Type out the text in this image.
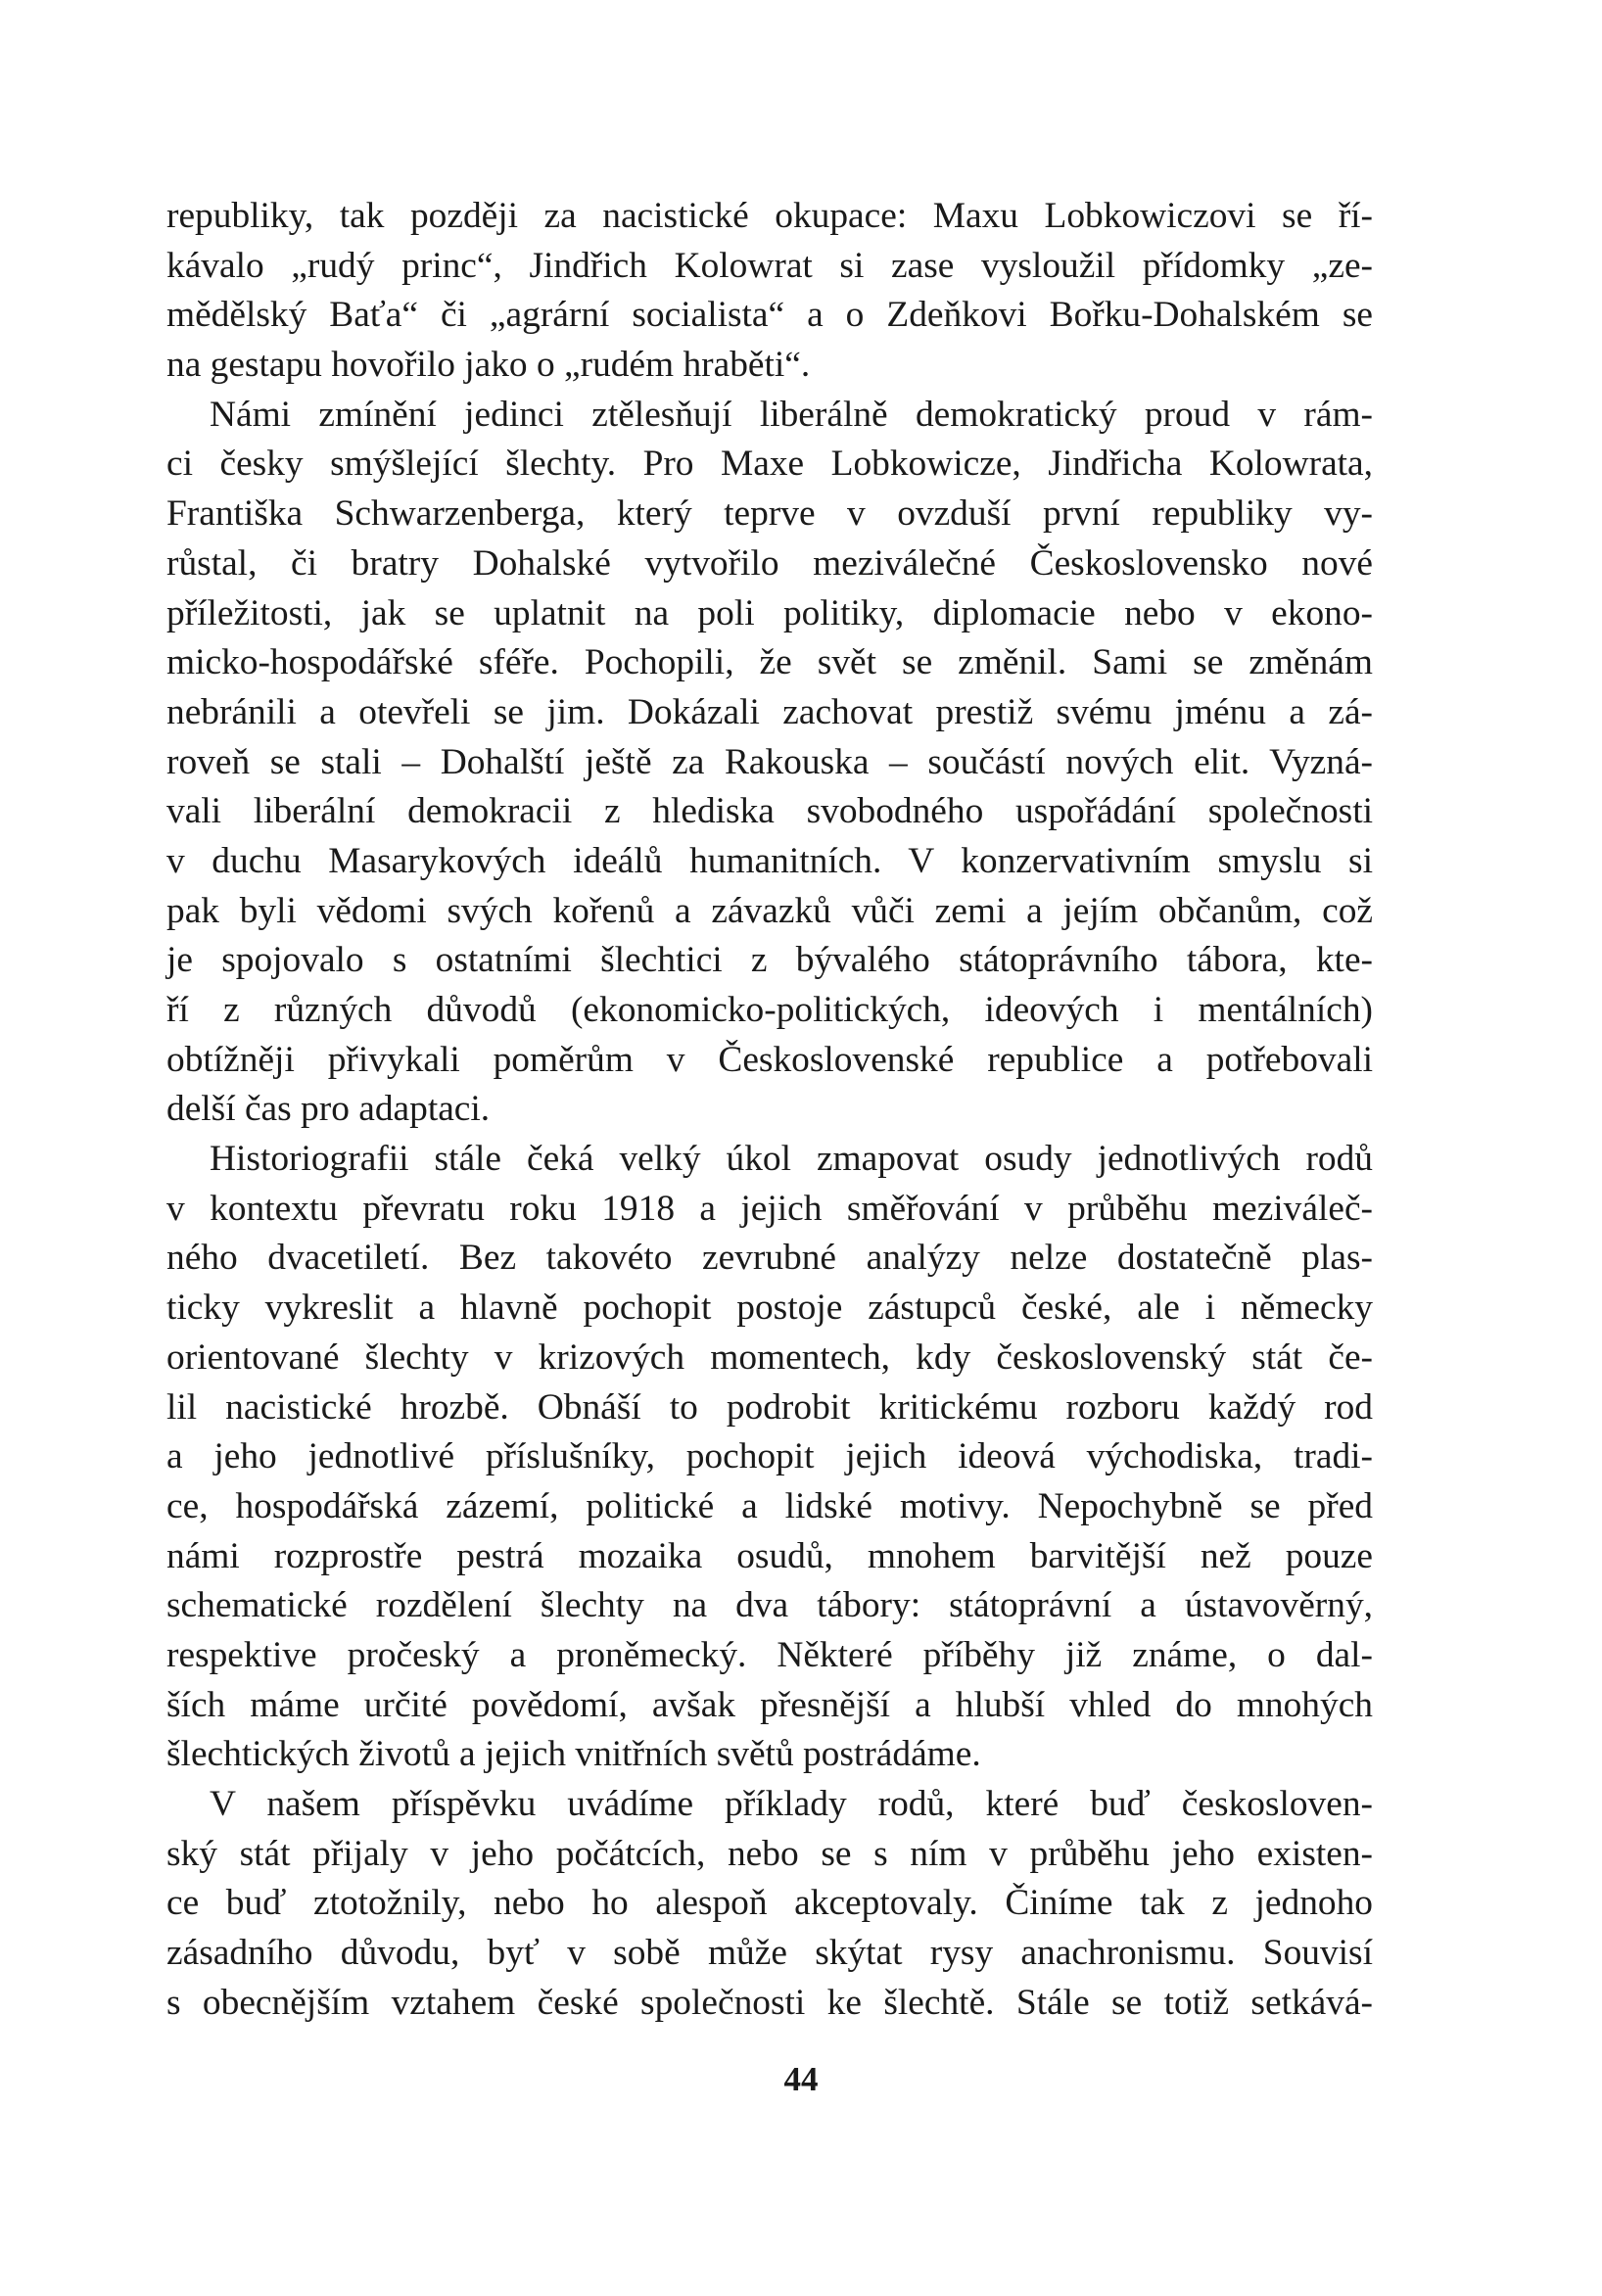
republiky, tak později za nacistické okupace: Maxu Lobkowiczovi se ří-
kávalo „rudý princ“, Jindřich Kolowrat si zase vysloužil přídomky „ze-
mědělský Baťa“ či „agrární socialista“ a o Zdeňkovi Bořku-Dohalském se
na gestapu hovořilo jako o „rudém hraběti“.
Námi zmínění jedinci ztělesňují liberálně demokratický proud v rám-
ci česky smýšlející šlechty. Pro Maxe Lobkowicze, Jindřicha Kolowrata,
Františka Schwarzenberga, který teprve v ovzduší první republiky vy-
růstal, či bratry Dohalské vytvořilo meziválečné Československo nové
příležitosti, jak se uplatnit na poli politiky, diplomacie nebo v ekono-
micko-hospodářské sféře. Pochopili, že svět se změnil. Sami se změnám
nebránili a otevřeli se jim. Dokázali zachovat prestiž svému jménu a zá-
roveň se stali – Dohalští ještě za Rakouska – součástí nových elit. Vyzná-
vali liberální demokracii z hlediska svobodného uspořádání společnosti
v duchu Masarykových ideálů humanitních. V konzervativním smyslu si
pak byli vědomi svých kořenů a závazků vůči zemi a jejím občanům, což
je spojovalo s ostatními šlechtici z bývalého státoprávního tábora, kte-
ří z různých důvodů (ekonomicko-politických, ideových i mentálních)
obtížněji přivykali poměrům v Československé republice a potřebovali
delší čas pro adaptaci.
Historiografii stále čeká velký úkol zmapovat osudy jednotlivých rodů
v kontextu převratu roku 1918 a jejich směřování v průběhu meziváleč-
ného dvacetiletí. Bez takovéto zevrubné analýzy nelze dostatečně plas-
ticky vykreslit a hlavně pochopit postoje zástupců české, ale i německy
orientované šlechty v krizových momentech, kdy československý stát če-
lil nacistické hrozbě. Obnáší to podrobit kritickému rozboru každý rod
a jeho jednotlivé příslušníky, pochopit jejich ideová východiska, tradi-
ce, hospodářská zázemí, politické a lidské motivy. Nepochybně se před
námi rozprostře pestrá mozaika osudů, mnohem barvitější než pouze
schematické rozdělení šlechty na dva tábory: státoprávní a ústavověrný,
respektive pročeský a proněmecký. Některé příběhy již známe, o dal-
ších máme určité povědomí, avšak přesnější a hlubší vhled do mnohých
šlechtických životů a jejich vnitřních světů postrádáme.
V našem příspěvku uvádíme příklady rodů, které buď českosloven-
ský stát přijaly v jeho počátcích, nebo se s ním v průběhu jeho existen-
ce buď ztotožnily, nebo ho alespoň akceptovaly. Činíme tak z jednoho
zásadního důvodu, byť v sobě může skýtat rysy anachronismu. Souvisí
s obecnějším vztahem české společnosti ke šlechtě. Stále se totiž setkává-
44
